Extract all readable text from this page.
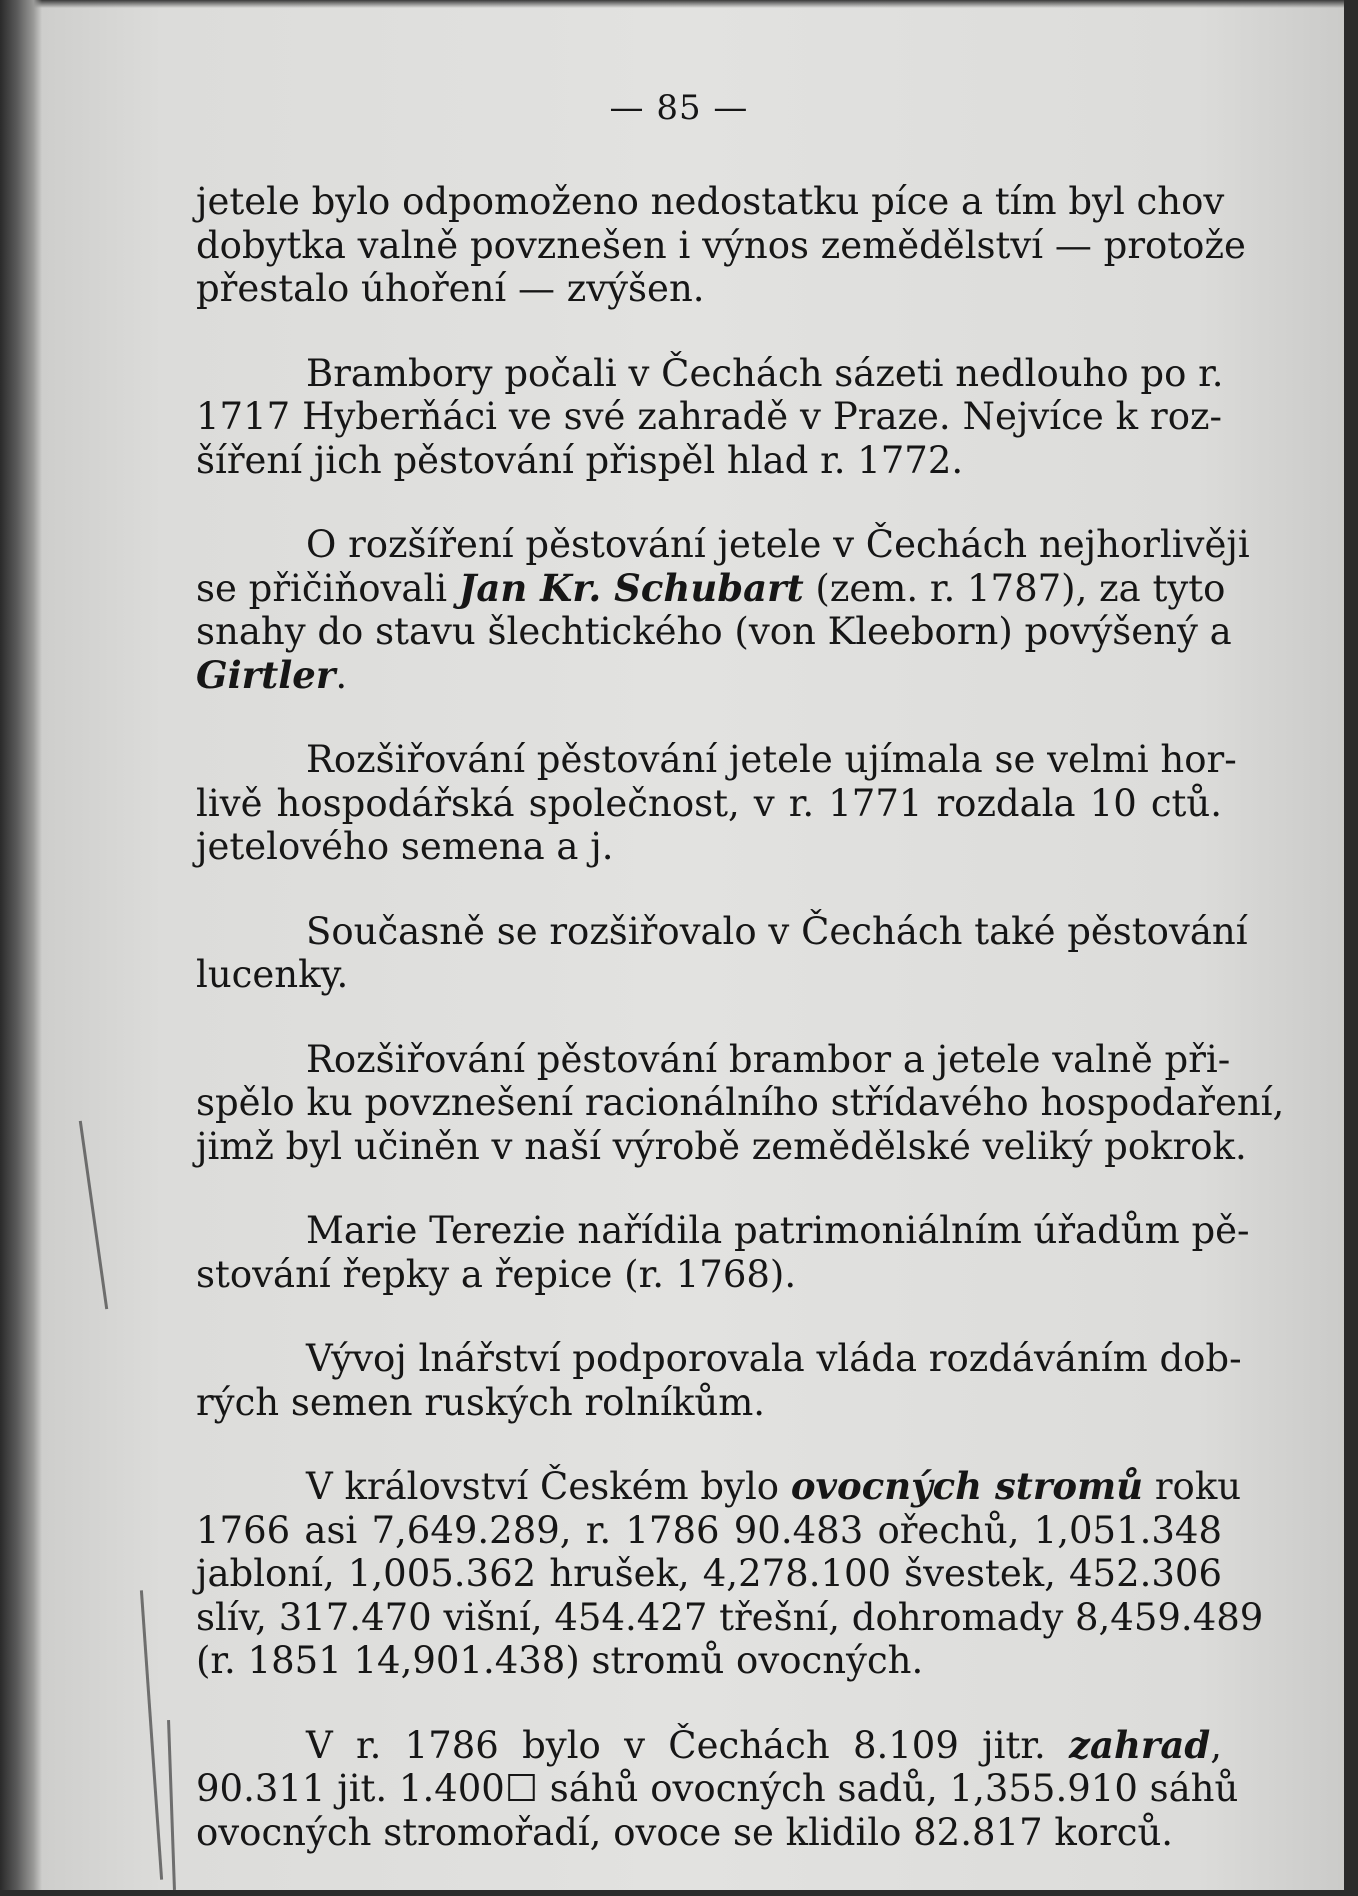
— 85 —
jetele bylo odpomoženo nedostatku píce a tím byl chov
dobytka valně povznešen i výnos zemědělství — protože
přestalo úhoření — zvýšen.
Brambory počali v Čechách sázeti nedlouho po r.
1717 Hyberňáci ve své zahradě v Praze. Nejvíce k roz-
šíření jich pěstování přispěl hlad r. 1772.
O rozšíření pěstování jetele v Čechách nejhorlivěji
se přičiňovali Jan Kr. Schubart (zem. r. 1787), za tyto
snahy do stavu šlechtického (von Kleeborn) povýšený a
Girtler.
Rozšiřování pěstování jetele ujímala se velmi hor-
livě hospodářská společnost, v r. 1771 rozdala 10 ctů.
jetelového semena a j.
Současně se rozšiřovalo v Čechách také pěstování
lucenky.
Rozšiřování pěstování brambor a jetele valně při-
spělo ku povznešení racionálního střídavého hospodaření,
jimž byl učiněn v naší výrobě zemědělské veliký pokrok.
Marie Terezie nařídila patrimoniálním úřadům pě-
stování řepky a řepice (r. 1768).
Vývoj lnářství podporovala vláda rozdáváním dob-
rých semen ruských rolníkům.
V království Českém bylo ovocných stromů roku
1766 asi 7,649.289, r. 1786 90.483 ořechů, 1,051.348
jabloní, 1,005.362 hrušek, 4,278.100 švestek, 452.306
slív, 317.470 višní, 454.427 třešní, dohromady 8,459.489
(r. 1851 14,901.438) stromů ovocných.
V r. 1786 bylo v Čechách 8.109 jitr. zahrad,
90.311 jit. 1.400☐ sáhů ovocných sadů, 1,355.910 sáhů
ovocných stromořadí, ovoce se klidilo 82.817 korců.
